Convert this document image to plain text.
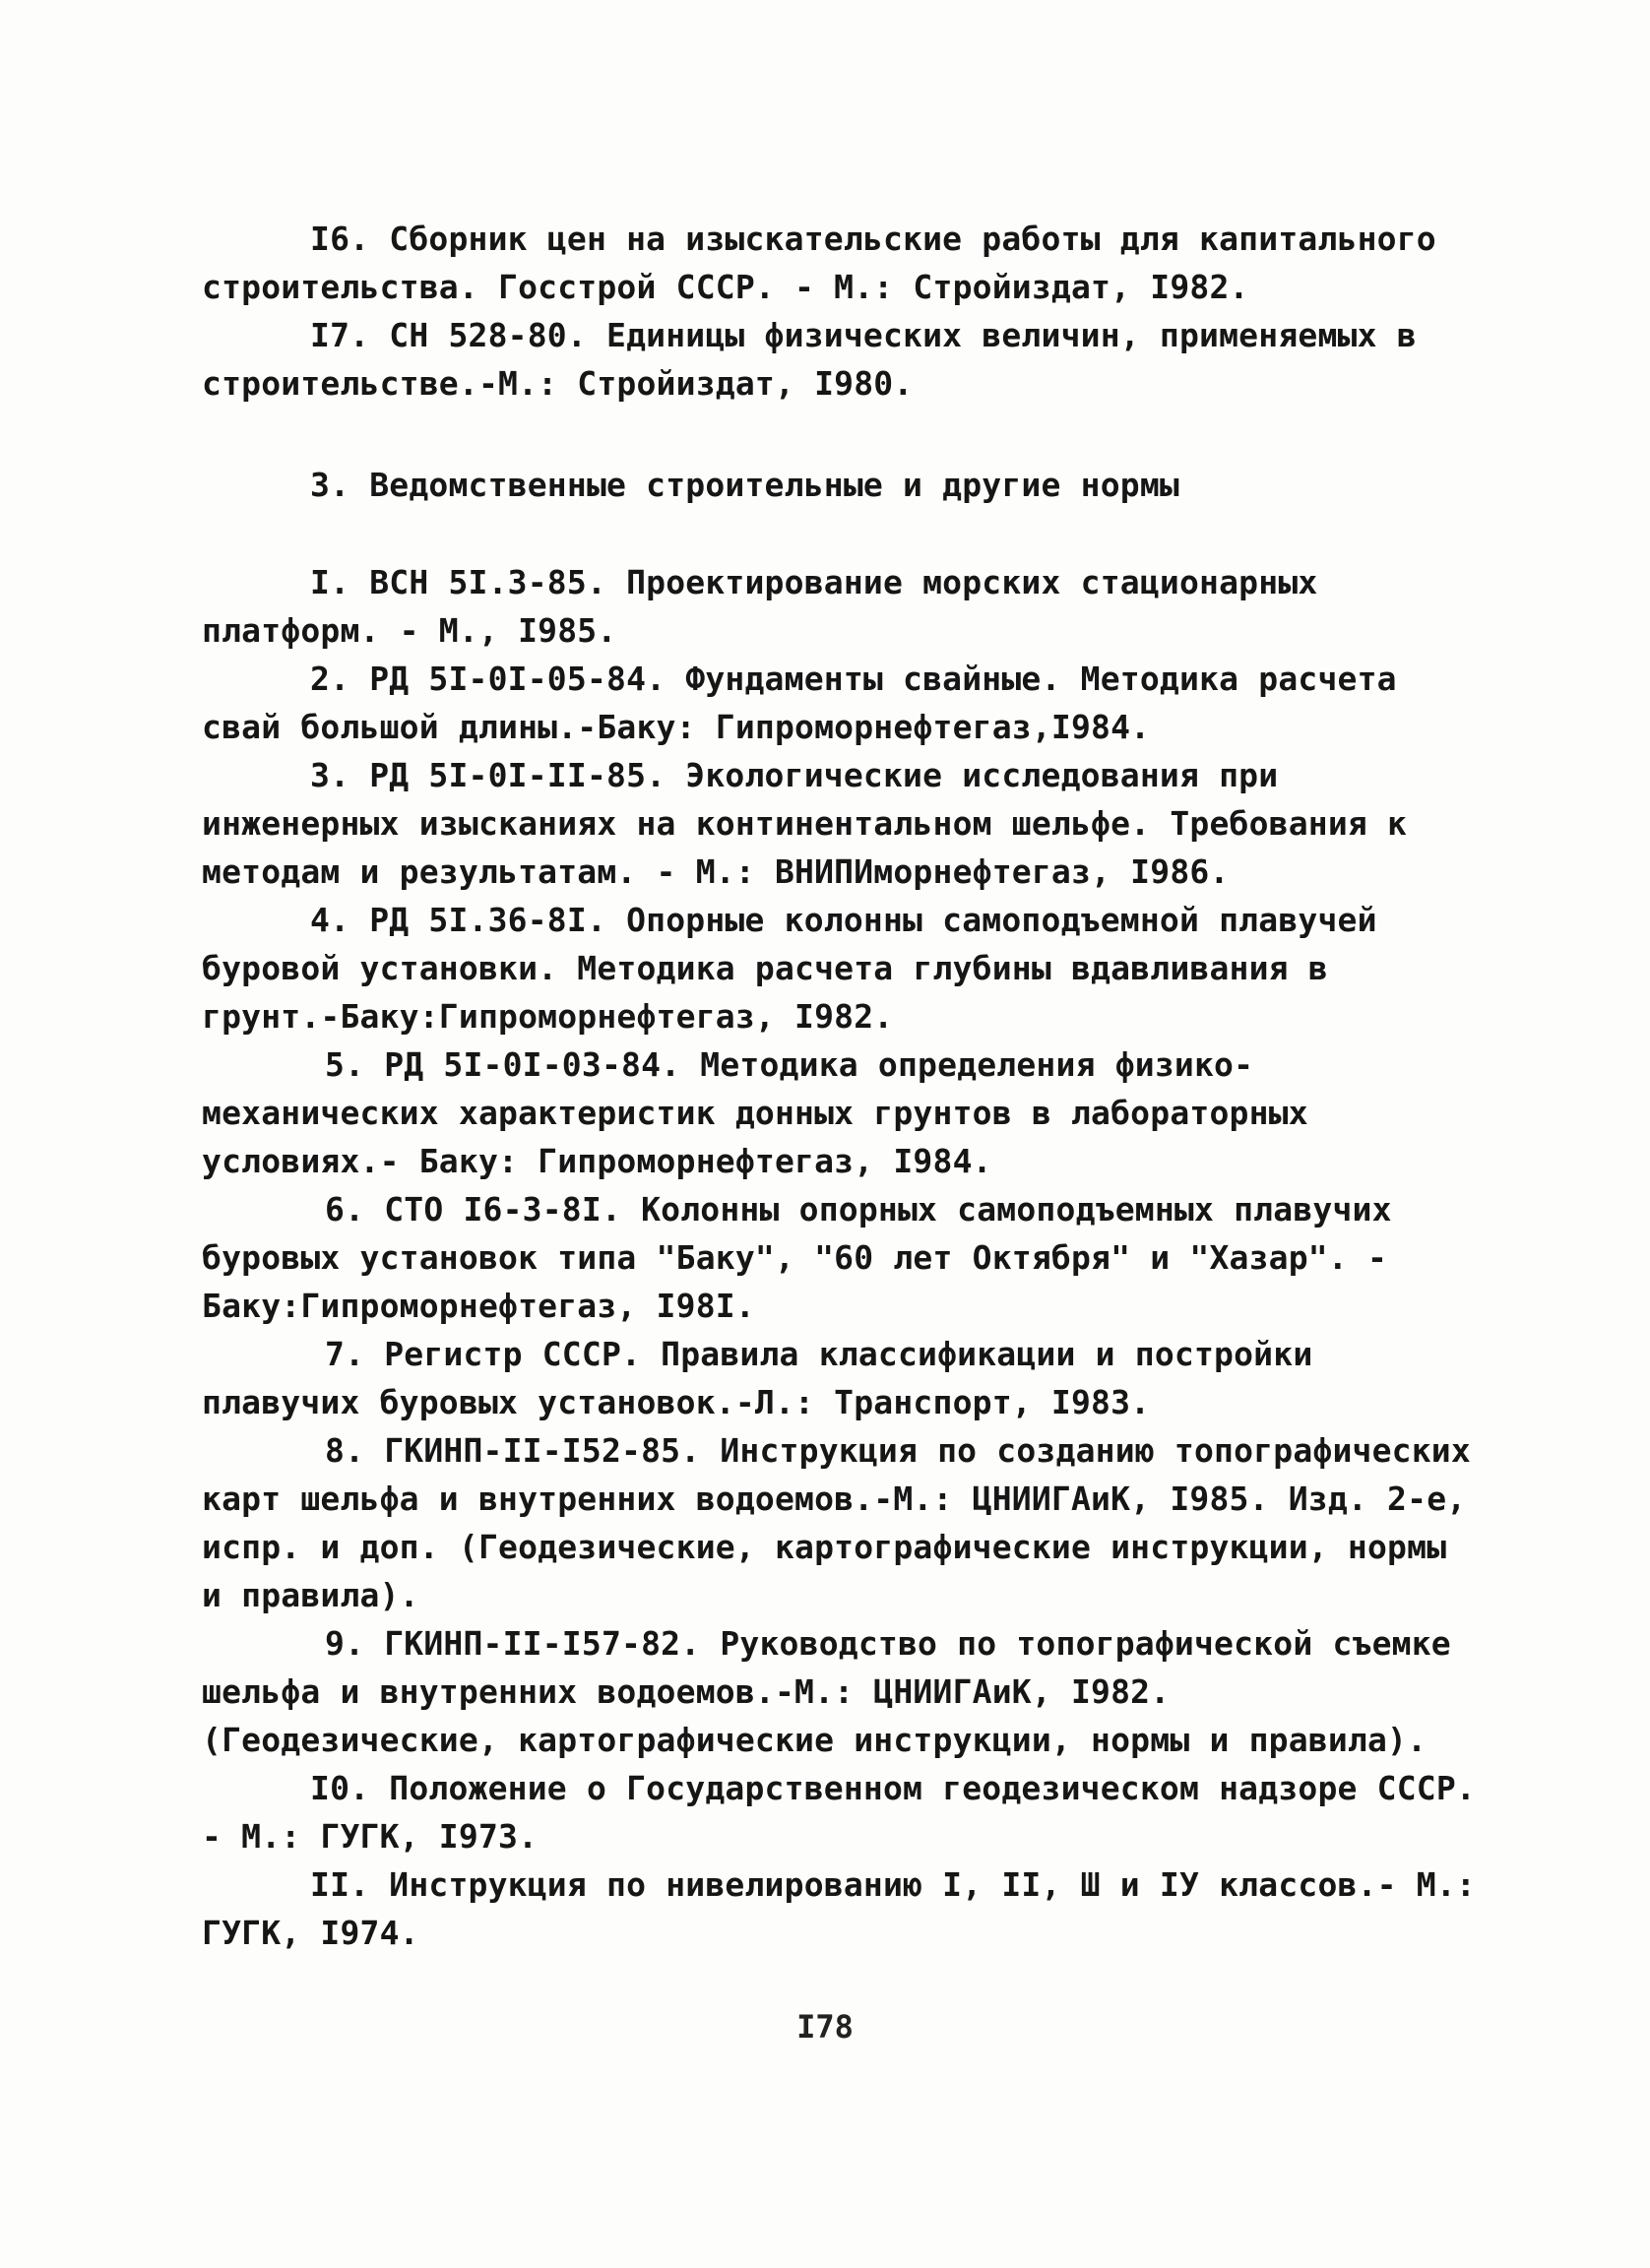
I6. Сборник цен на изыскательские работы для капитального строительства. Госстрой СССР. - М.: Стройиздат, I982.

I7. СН 528-80. Единицы физических величин, применяемых в строительстве.-М.: Стройиздат, I980.

3. Ведомственные строительные и другие нормы

I. ВСН 5I.3-85. Проектирование морских стационарных платформ. - М., I985.

2. РД 5I-0I-05-84. Фундаменты свайные. Методика расчета свай большой длины.-Баку: Гипроморнефтегаз,I984.

3. РД 5I-0I-II-85. Экологические исследования при инженерных изысканиях на континентальном шельфе. Требования к методам и результатам. - М.: ВНИПИморнефтегаз, I986.

4. РД 5I.36-8I. Опорные колонны самоподъемной плавучей буровой установки. Методика расчета глубины вдавливания в грунт.-Баку:Гипроморнефтегаз, I982.

5. РД 5I-0I-03-84. Методика определения физико-механических характеристик донных грунтов в лабораторных условиях.- Баку: Гипроморнефтегаз, I984.

6. СТО I6-3-8I. Колонны опорных самоподъемных плавучих буровых установок типа "Баку", "60 лет Октября" и "Хазар". - Баку:Гипроморнефтегаз, I98I.

7. Регистр СССР. Правила классификации и постройки плавучих буровых установок.-Л.: Транспорт, I983.

8. ГКИНП-II-I52-85. Инструкция по созданию топографических карт шельфа и внутренних водоемов.-М.: ЦНИИГАиК, I985. Изд. 2-е, испр. и доп. (Геодезические, картографические инструкции, нормы и правила).

9. ГКИНП-II-I57-82. Руководство по топографической съемке шельфа и внутренних водоемов.-М.: ЦНИИГАиК, I982. (Геодезические, картографические инструкции, нормы и правила).

I0. Положение о Государственном геодезическом надзоре СССР. - М.: ГУГК, I973.

II. Инструкция по нивелированию I, II, Ш и IУ классов.- М.: ГУГК, I974.

I78
